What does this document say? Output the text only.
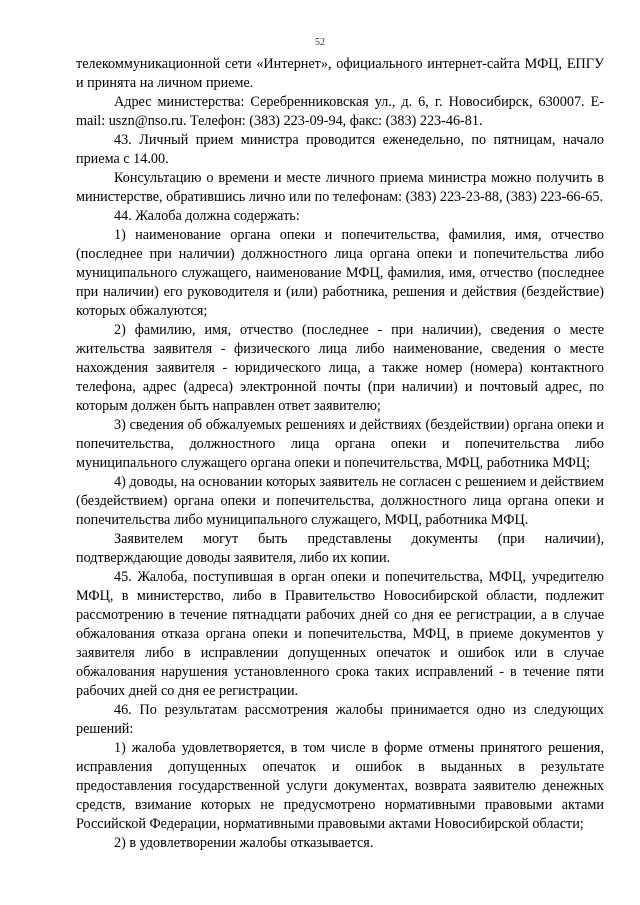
52

телекоммуникационной сети «Интернет», официального интернет-сайта МФЦ, ЕПГУ и принята на личном приеме.

Адрес министерства: Серебренниковская ул., д. 6, г. Новосибирск, 630007. E-mail: uszn@nso.ru. Телефон: (383) 223-09-94, факс: (383) 223-46-81.

43. Личный прием министра проводится еженедельно, по пятницам, начало приема с 14.00.

Консультацию о времени и месте личного приема министра можно получить в министерстве, обратившись лично или по телефонам: (383) 223-23-88, (383) 223-66-65.

44. Жалоба должна содержать:

1) наименование органа опеки и попечительства, фамилия, имя, отчество (последнее при наличии) должностного лица органа опеки и попечительства либо муниципального служащего, наименование МФЦ, фамилия, имя, отчество (последнее при наличии) его руководителя и (или) работника, решения и действия (бездействие) которых обжалуются;

2) фамилию, имя, отчество (последнее - при наличии), сведения о месте жительства заявителя - физического лица либо наименование, сведения о месте нахождения заявителя - юридического лица, а также номер (номера) контактного телефона, адрес (адреса) электронной почты (при наличии) и почтовый адрес, по которым должен быть направлен ответ заявителю;

3) сведения об обжалуемых решениях и действиях (бездействии) органа опеки и попечительства, должностного лица органа опеки и попечительства либо муниципального служащего органа опеки и попечительства, МФЦ, работника МФЦ;

4) доводы, на основании которых заявитель не согласен с решением и действием (бездействием) органа опеки и попечительства, должностного лица органа опеки и попечительства либо муниципального служащего, МФЦ, работника МФЦ.

Заявителем могут быть представлены документы (при наличии), подтверждающие доводы заявителя, либо их копии.

45. Жалоба, поступившая в орган опеки и попечительства, МФЦ, учредителю МФЦ, в министерство, либо в Правительство Новосибирской области, подлежит рассмотрению в течение пятнадцати рабочих дней со дня ее регистрации, а в случае обжалования отказа органа опеки и попечительства, МФЦ, в приеме документов у заявителя либо в исправлении допущенных опечаток и ошибок или в случае обжалования нарушения установленного срока таких исправлений - в течение пяти рабочих дней со дня ее регистрации.

46. По результатам рассмотрения жалобы принимается одно из следующих решений:

1) жалоба удовлетворяется, в том числе в форме отмены принятого решения, исправления допущенных опечаток и ошибок в выданных в результате предоставления государственной услуги документах, возврата заявителю денежных средств, взимание которых не предусмотрено нормативными правовыми актами Российской Федерации, нормативными правовыми актами Новосибирской области;

2) в удовлетворении жалобы отказывается.
